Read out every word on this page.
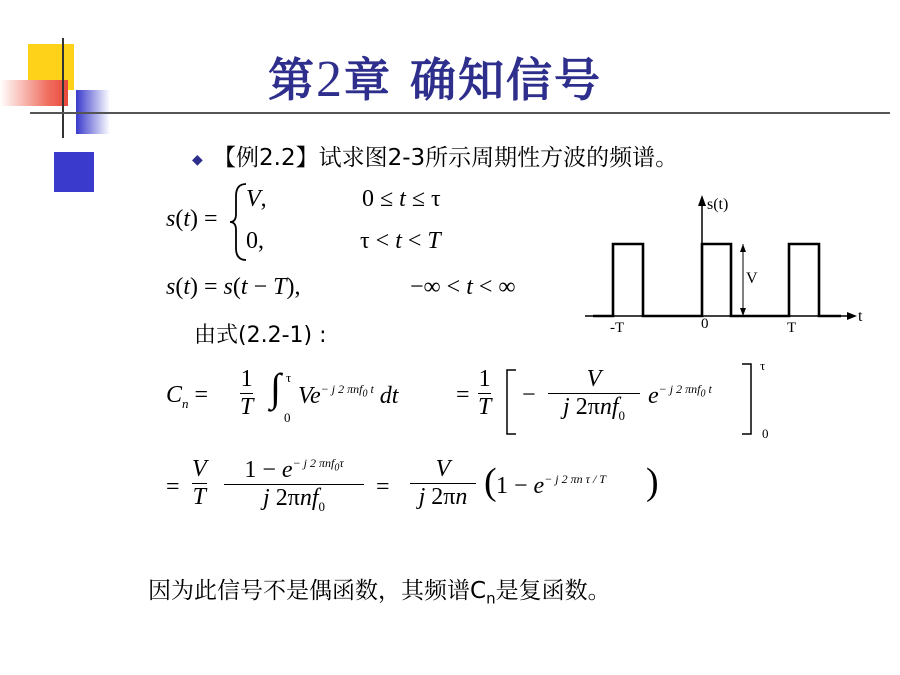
第2章 确知信号
◆ 【例2.2】试求图2-3所示周期性方波的频谱。
s(t) =
V,	0 ≤ t ≤ τ
0,	τ < t < T
s(t) = s(t − T),	−∞ < t < ∞
由式(2.2-1) :
s(t)
t
V
-T	0	T
$C_n$ =
1
T ∫ τ
0
$Ve^{- j 2 \pi nf_0 t}$ dt =
1
T −
V
j 2πnf$_0$
$e^{- j 2 \pi nf_0 t}$
τ
0
=
V
T
$1 - e^{- j 2 \pi nf_0\tau}$
j 2πnf$_0$
=
V
j 2πn ( $1 - e^{- j 2 \pi n \tau / T}$ )
因为此信号不是偶函数，其频谱$C_n$是复函数。
